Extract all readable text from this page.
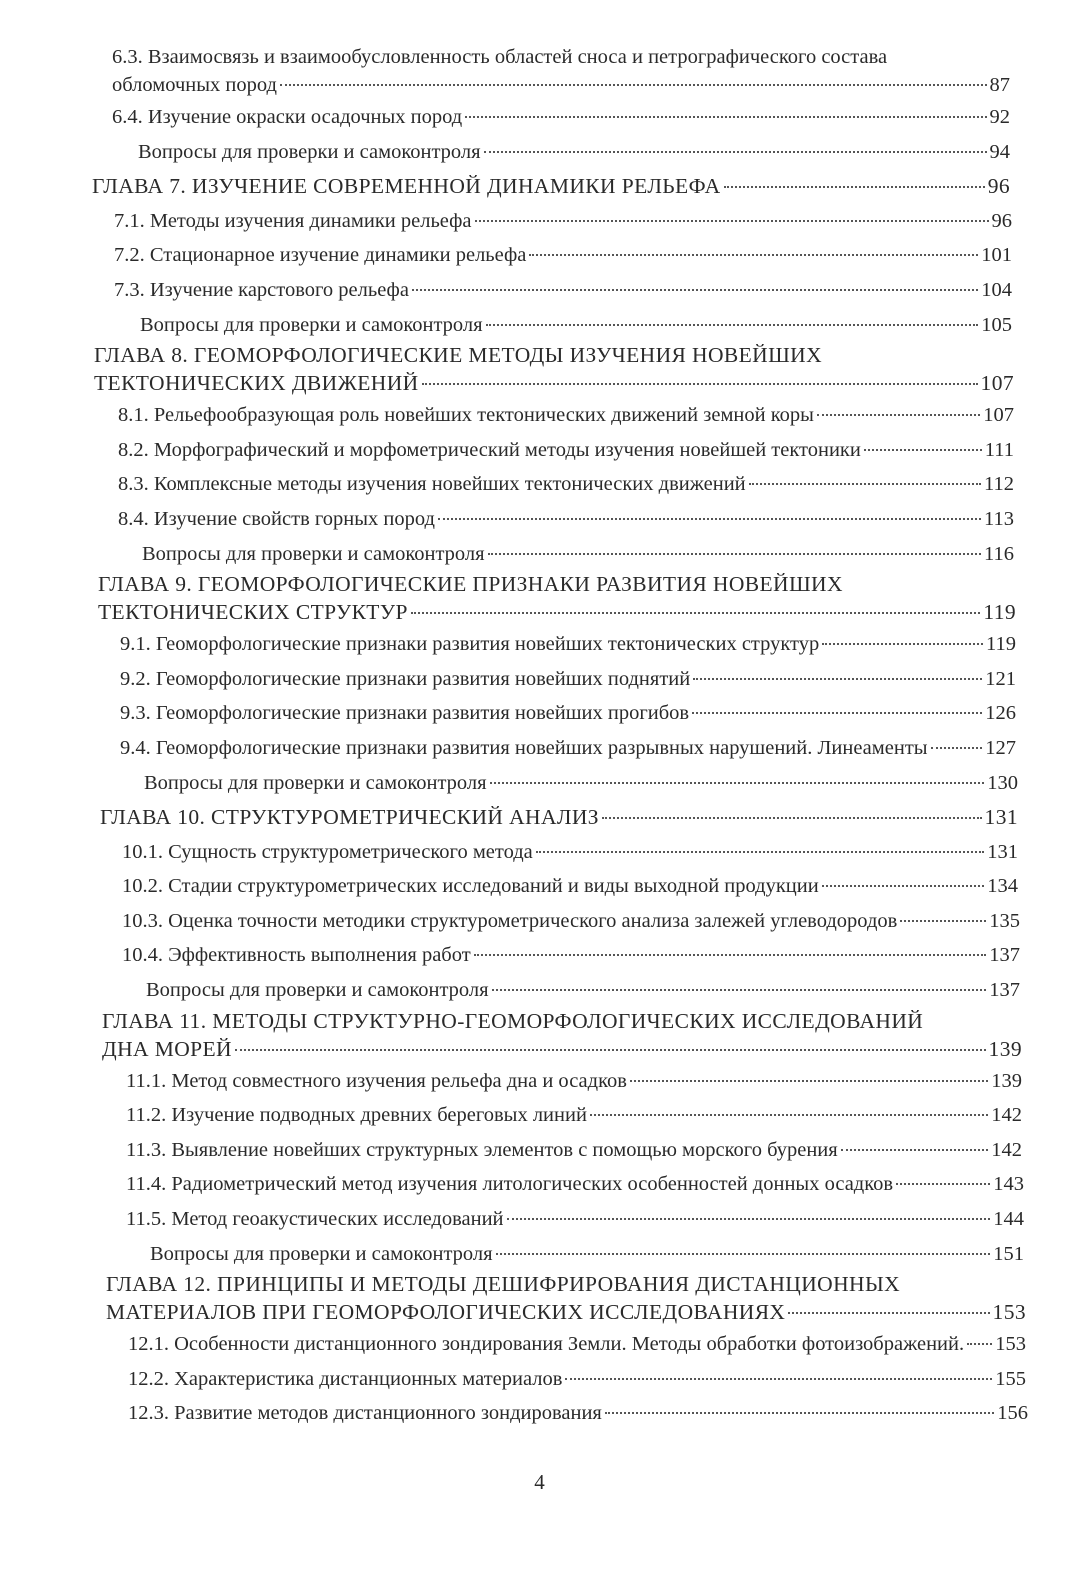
6.3. Взаимосвязь и взаимообусловленность областей сноса и петрографического состава
обломочных пород	87
6.4. Изучение окраски осадочных пород	92
Вопросы для проверки и самоконтроля	94
ГЛАВА 7. ИЗУЧЕНИЕ СОВРЕМЕННОЙ ДИНАМИКИ РЕЛЬЕФА	96
7.1. Методы изучения динамики рельефа	96
7.2. Стационарное изучение динамики рельефа	101
7.3. Изучение карстового рельефа	104
Вопросы для проверки и самоконтроля	105
ГЛАВА 8. ГЕОМОРФОЛОГИЧЕСКИЕ МЕТОДЫ ИЗУЧЕНИЯ НОВЕЙШИХ
ТЕКТОНИЧЕСКИХ ДВИЖЕНИЙ	107
8.1. Рельефообразующая роль новейших тектонических движений земной коры	107
8.2. Морфографический и морфометрический методы изучения новейшей тектоники	111
8.3. Комплексные методы изучения новейших тектонических движений	112
8.4. Изучение свойств горных пород	113
Вопросы для проверки и самоконтроля	116
ГЛАВА 9. ГЕОМОРФОЛОГИЧЕСКИЕ ПРИЗНАКИ РАЗВИТИЯ НОВЕЙШИХ
ТЕКТОНИЧЕСКИХ СТРУКТУР	119
9.1. Геоморфологические признаки развития новейших тектонических структур	119
9.2. Геоморфологические признаки развития новейших поднятий	121
9.3. Геоморфологические признаки развития новейших прогибов	126
9.4. Геоморфологические признаки развития новейших разрывных нарушений. Линеаменты	127
Вопросы для проверки и самоконтроля	130
ГЛАВА 10. СТРУКТУРОМЕТРИЧЕСКИЙ АНАЛИЗ	131
10.1. Сущность структурометрического метода	131
10.2. Стадии структурометрических исследований и виды выходной продукции	134
10.3. Оценка точности методики структурометрического анализа залежей углеводородов	135
10.4. Эффективность выполнения работ	137
Вопросы для проверки и самоконтроля	137
ГЛАВА 11. МЕТОДЫ СТРУКТУРНО-ГЕОМОРФОЛОГИЧЕСКИХ ИССЛЕДОВАНИЙ
ДНА МОРЕЙ	139
11.1. Метод совместного изучения рельефа дна и осадков	139
11.2. Изучение подводных древних береговых линий	142
11.3. Выявление новейших структурных элементов с помощью морского бурения	142
11.4. Радиометрический метод изучения литологических особенностей донных осадков	143
11.5. Метод геоакустических исследований	144
Вопросы для проверки и самоконтроля	151
ГЛАВА 12. ПРИНЦИПЫ И МЕТОДЫ ДЕШИФРИРОВАНИЯ ДИСТАНЦИОННЫХ
МАТЕРИАЛОВ ПРИ ГЕОМОРФОЛОГИЧЕСКИХ ИССЛЕДОВАНИЯХ	153
12.1. Особенности дистанционного зондирования Земли. Методы обработки фотоизображений. 153
12.2. Характеристика дистанционных материалов	155
12.3. Развитие методов дистанционного зондирования	156
4
